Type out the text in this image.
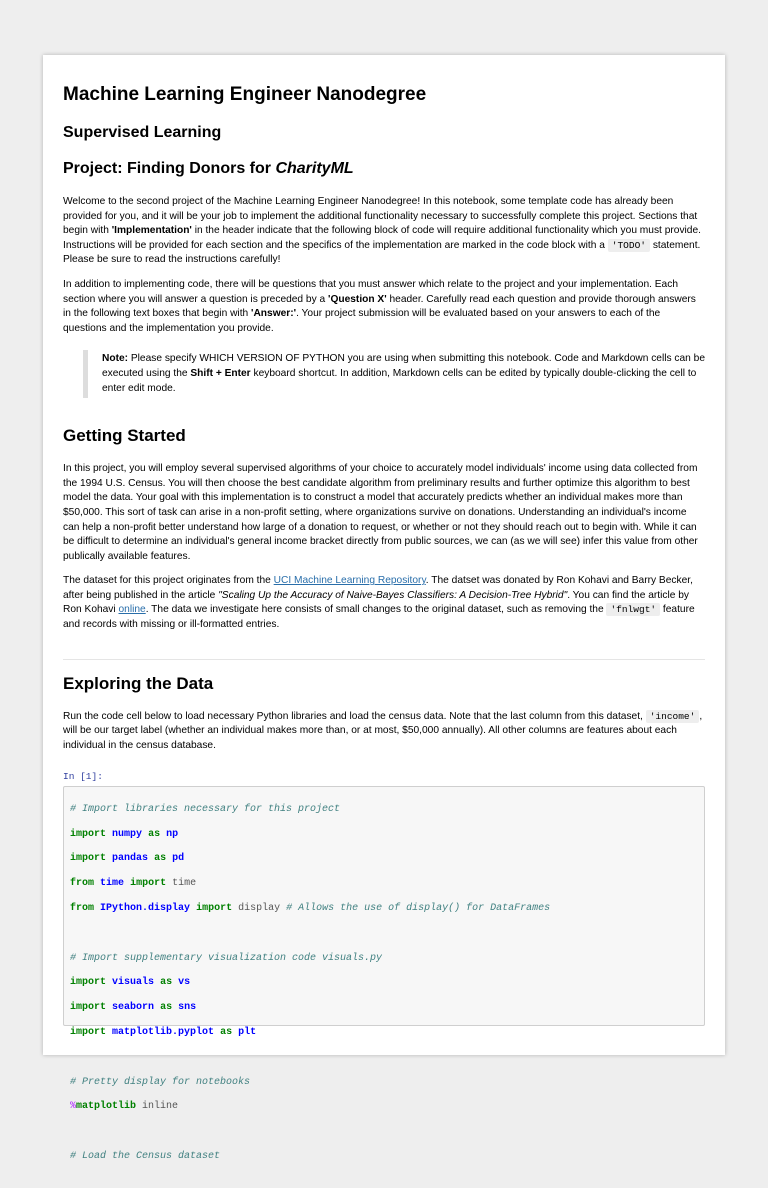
Machine Learning Engineer Nanodegree
Supervised Learning
Project: Finding Donors for CharityML

Welcome to the second project of the Machine Learning Engineer Nanodegree! In this notebook, some template code has already been provided for you, and it will be your job to implement the additional functionality necessary to successfully complete this project. Sections that begin with 'Implementation' in the header indicate that the following block of code will require additional functionality which you must provide. Instructions will be provided for each section and the specifics of the implementation are marked in the code block with a 'TODO' statement. Please be sure to read the instructions carefully!

In addition to implementing code, there will be questions that you must answer which relate to the project and your implementation. Each section where you will answer a question is preceded by a 'Question X' header. Carefully read each question and provide thorough answers in the following text boxes that begin with 'Answer:'. Your project submission will be evaluated based on your answers to each of the questions and the implementation you provide.

Note: Please specify WHICH VERSION OF PYTHON you are using when submitting this notebook. Code and Markdown cells can be executed using the Shift + Enter keyboard shortcut. In addition, Markdown cells can be edited by typically double-clicking the cell to enter edit mode.

Getting Started

In this project, you will employ several supervised algorithms of your choice to accurately model individuals' income using data collected from the 1994 U.S. Census. You will then choose the best candidate algorithm from preliminary results and further optimize this algorithm to best model the data. Your goal with this implementation is to construct a model that accurately predicts whether an individual makes more than $50,000. This sort of task can arise in a non-profit setting, where organizations survive on donations. Understanding an individual's income can help a non-profit better understand how large of a donation to request, or whether or not they should reach out to begin with. While it can be difficult to determine an individual's general income bracket directly from public sources, we can (as we will see) infer this value from other publically available features.

The dataset for this project originates from the UCI Machine Learning Repository. The datset was donated by Ron Kohavi and Barry Becker, after being published in the article "Scaling Up the Accuracy of Naive-Bayes Classifiers: A Decision-Tree Hybrid". You can find the article by Ron Kohavi online. The data we investigate here consists of small changes to the original dataset, such as removing the 'fnlwgt' feature and records with missing or ill-formatted entries.

Exploring the Data

Run the code cell below to load necessary Python libraries and load the census data. Note that the last column from this dataset, 'income' , will be our target label (whether an individual makes more than, or at most, $50,000 annually). All other columns are features about each individual in the census database.

In [1]:

# Import libraries necessary for this project

import numpy as np

import pandas as pd

from time import time

from IPython.display import display # Allows the use of display() for DataFrames

# Import supplementary visualization code visuals.py

import visuals as vs

import seaborn as sns

import matplotlib.pyplot as plt

# Pretty display for notebooks

%matplotlib inline

# Load the Census dataset
